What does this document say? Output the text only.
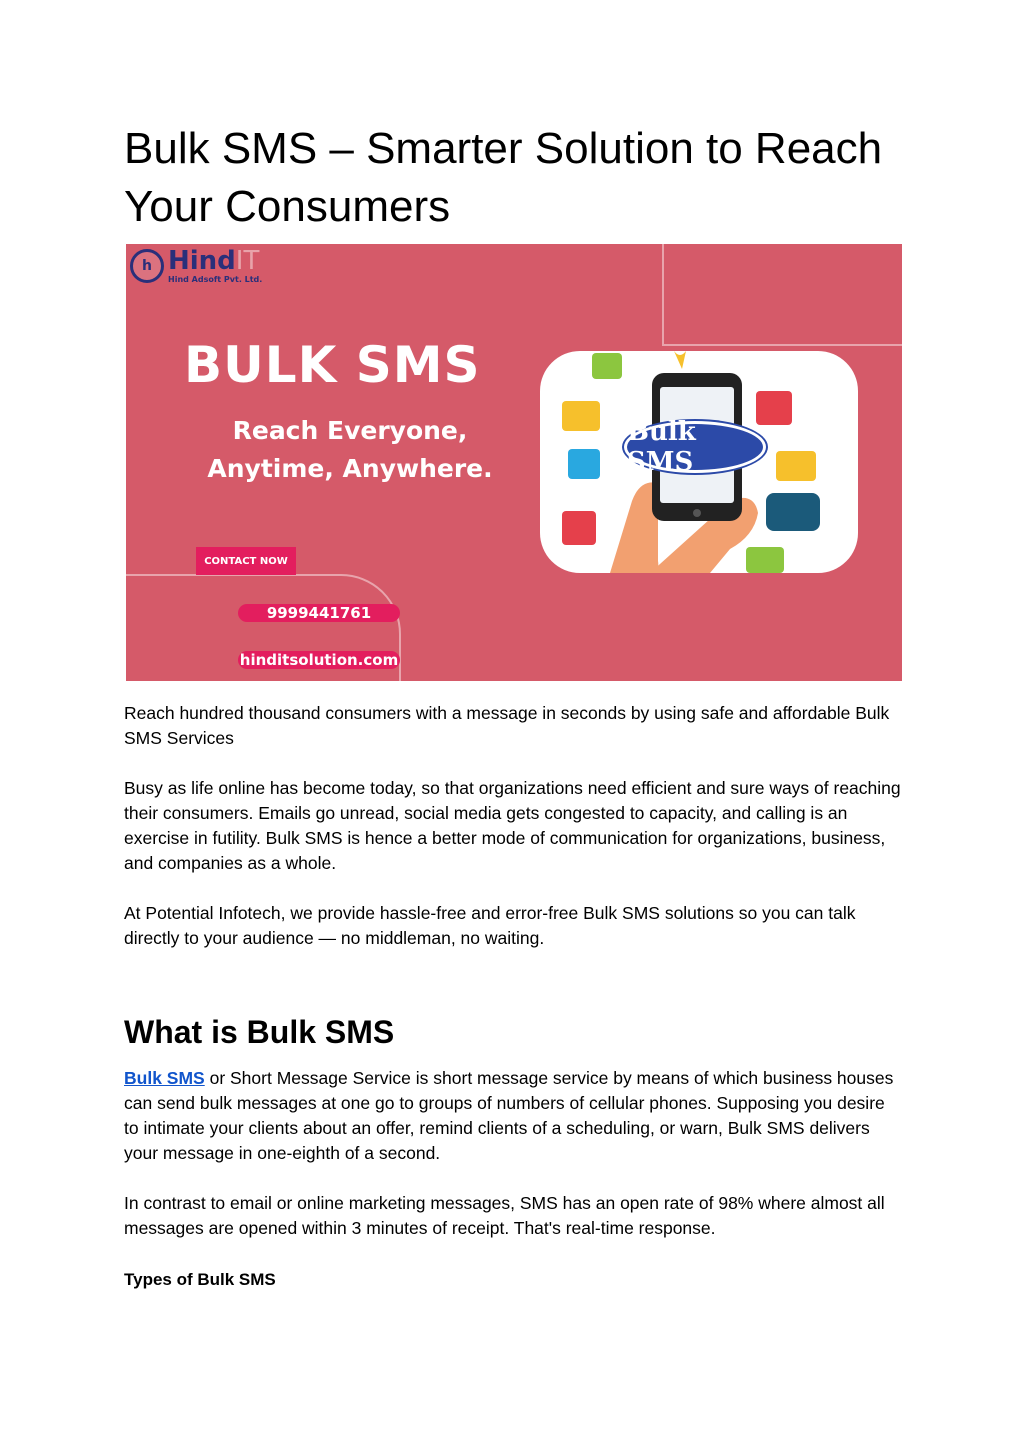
Bulk SMS – Smarter Solution to Reach Your Consumers
h HindIT
Hind Adsoft Pvt. Ltd.
BULK SMS
Reach Everyone,
Anytime, Anywhere.
CONTACT NOW
9999441761
hinditsolution.com
Bulk SMS

Reach hundred thousand consumers with a message in seconds by using safe and affordable Bulk SMS Services

Busy as life online has become today, so that organizations need efficient and sure ways of reaching their consumers. Emails go unread, social media gets congested to capacity, and calling is an exercise in futility. Bulk SMS is hence a better mode of communication for organizations, business, and companies as a whole.

At Potential Infotech, we provide hassle-free and error-free Bulk SMS solutions so you can talk directly to your audience — no middleman, no waiting.

What is Bulk SMS

Bulk SMS or Short Message Service is short message service by means of which business houses can send bulk messages at one go to groups of numbers of cellular phones. Supposing you desire to intimate your clients about an offer, remind clients of a scheduling, or warn, Bulk SMS delivers your message in one-eighth of a second.

In contrast to email or online marketing messages, SMS has an open rate of 98% where almost all messages are opened within 3 minutes of receipt. That's real-time response.

Types of Bulk SMS
